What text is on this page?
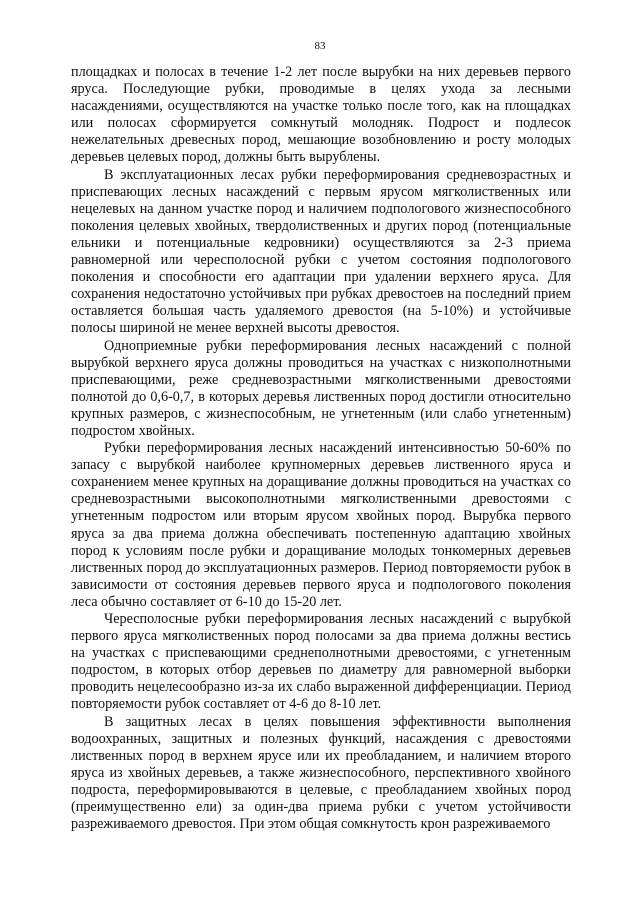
83

площадках и полосах в течение 1-2 лет после вырубки на них деревьев первого яруса. Последующие рубки, проводимые в целях ухода за лесными насаждениями, осуществляются на участке только после того, как на площадках или полосах сформируется сомкнутый молодняк. Подрост и подлесок нежелательных древесных пород, мешающие возобновлению и росту молодых деревьев целевых пород, должны быть вырублены.

В эксплуатационных лесах рубки переформирования средневозрастных и приспевающих лесных насаждений с первым ярусом мягколиственных или нецелевых на данном участке пород и наличием подпологового жизнеспособного поколения целевых хвойных, твердолиственных и других пород (потенциальные ельники и потенциальные кедровники) осуществляются за 2-3 приема равномерной или чересполосной рубки с учетом состояния подпологового поколения и способности его адаптации при удалении верхнего яруса. Для сохранения недостаточно устойчивых при рубках древостоев на последний прием оставляется большая часть удаляемого древостоя (на 5-10%) и устойчивые полосы шириной не менее верхней высоты древостоя.

Одноприемные рубки переформирования лесных насаждений с полной вырубкой верхнего яруса должны проводиться на участках с низкополнотными приспевающими, реже средневозрастными мягколиственными древостоями полнотой до 0,6-0,7, в которых деревья лиственных пород достигли относительно крупных размеров, с жизнеспособным, не угнетенным (или слабо угнетенным) подростом хвойных.

Рубки переформирования лесных насаждений интенсивностью 50-60% по запасу с вырубкой наиболее крупномерных деревьев лиственного яруса и сохранением менее крупных на доращивание должны проводиться на участках со средневозрастными высокополнотными мягколиственными древостоями с угнетенным подростом или вторым ярусом хвойных пород. Вырубка первого яруса за два приема должна обеспечивать постепенную адаптацию хвойных пород к условиям после рубки и доращивание молодых тонкомерных деревьев лиственных пород до эксплуатационных размеров. Период повторяемости рубок в зависимости от состояния деревьев первого яруса и подпологового поколения леса обычно составляет от 6-10 до 15-20 лет.

Чересполосные рубки переформирования лесных насаждений с вырубкой первого яруса мягколиственных пород полосами за два приема должны вестись на участках с приспевающими среднеполнотными древостоями, с угнетенным подростом, в которых отбор деревьев по диаметру для равномерной выборки проводить нецелесообразно из-за их слабо выраженной дифференциации. Период повторяемости рубок составляет от 4-6 до 8-10 лет.

В защитных лесах в целях повышения эффективности выполнения водоохранных, защитных и полезных функций, насаждения с древостоями лиственных пород в верхнем ярусе или их преобладанием, и наличием второго яруса из хвойных деревьев, а также жизнеспособного, перспективного хвойного подроста, переформировываются в целевые, с преобладанием хвойных пород (преимущественно ели) за один-два приема рубки с учетом устойчивости разреживаемого древостоя. При этом общая сомкнутость крон разреживаемого
